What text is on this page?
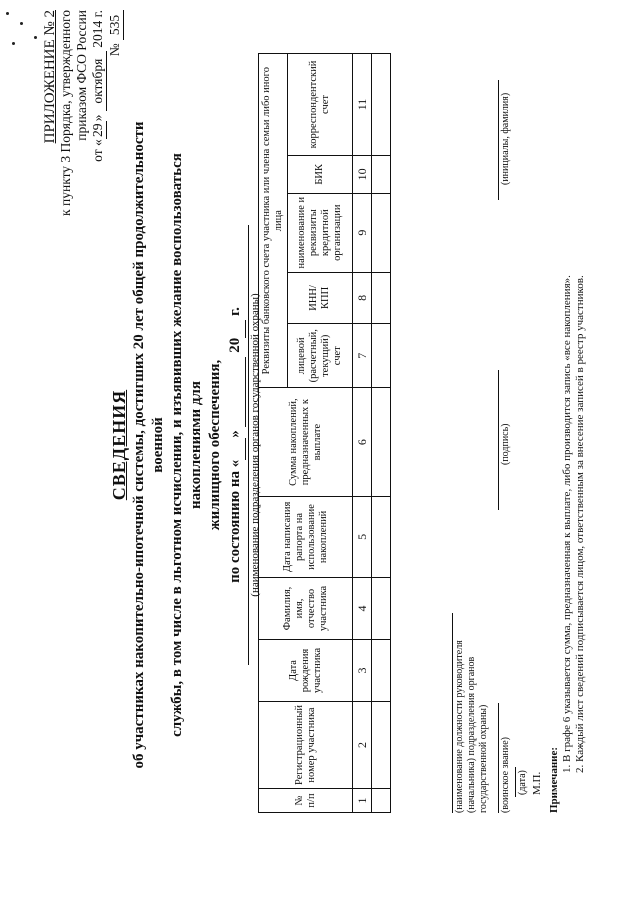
ПРИЛОЖЕНИЕ № 2 к пункту 3 Порядка, утвержденного приказом ФСО России
от «29» октября 2014 г.
№ 535
СВЕДЕНИЯ об участниках накопительно-ипотечной системы, достигших 20 лет общей продолжительности военной службы, в том числе в льготном исчислении, и изъявивших желание воспользоваться накоплениями для жилищного обеспечения, по состоянию на « »   20  г. (наименование подразделения органов государственной охраны)
№ п/п	Регистрационный номер участника	Дата рождения участника	Фамилия, имя, отчество участника	Дата написания рапорта на использование накоплений	Сумма накоплений, предназначенных к выплате	Реквизиты банковского счета участника или члена семьи либо иного лица				
						лицевой (расчетный, текущий) счет	ИНН/КПП	наименование и реквизиты кредитной организации	БИК	корреспондентский счет
1	2	3	4	5	6	7	8	9	10	11

(наименование должности руководителя (начальника) подразделения органов государственной охраны) (воинское звание)
(подпись)
(инициалы, фамилия)
(дата) М.П. Примечание:
1. В графе 6 указывается сумма, предназначенная к выплате, либо производится запись «все накопления». 2. Каждый лист сведений подписывается лицом, ответственным за внесение записей в реестр участников.
